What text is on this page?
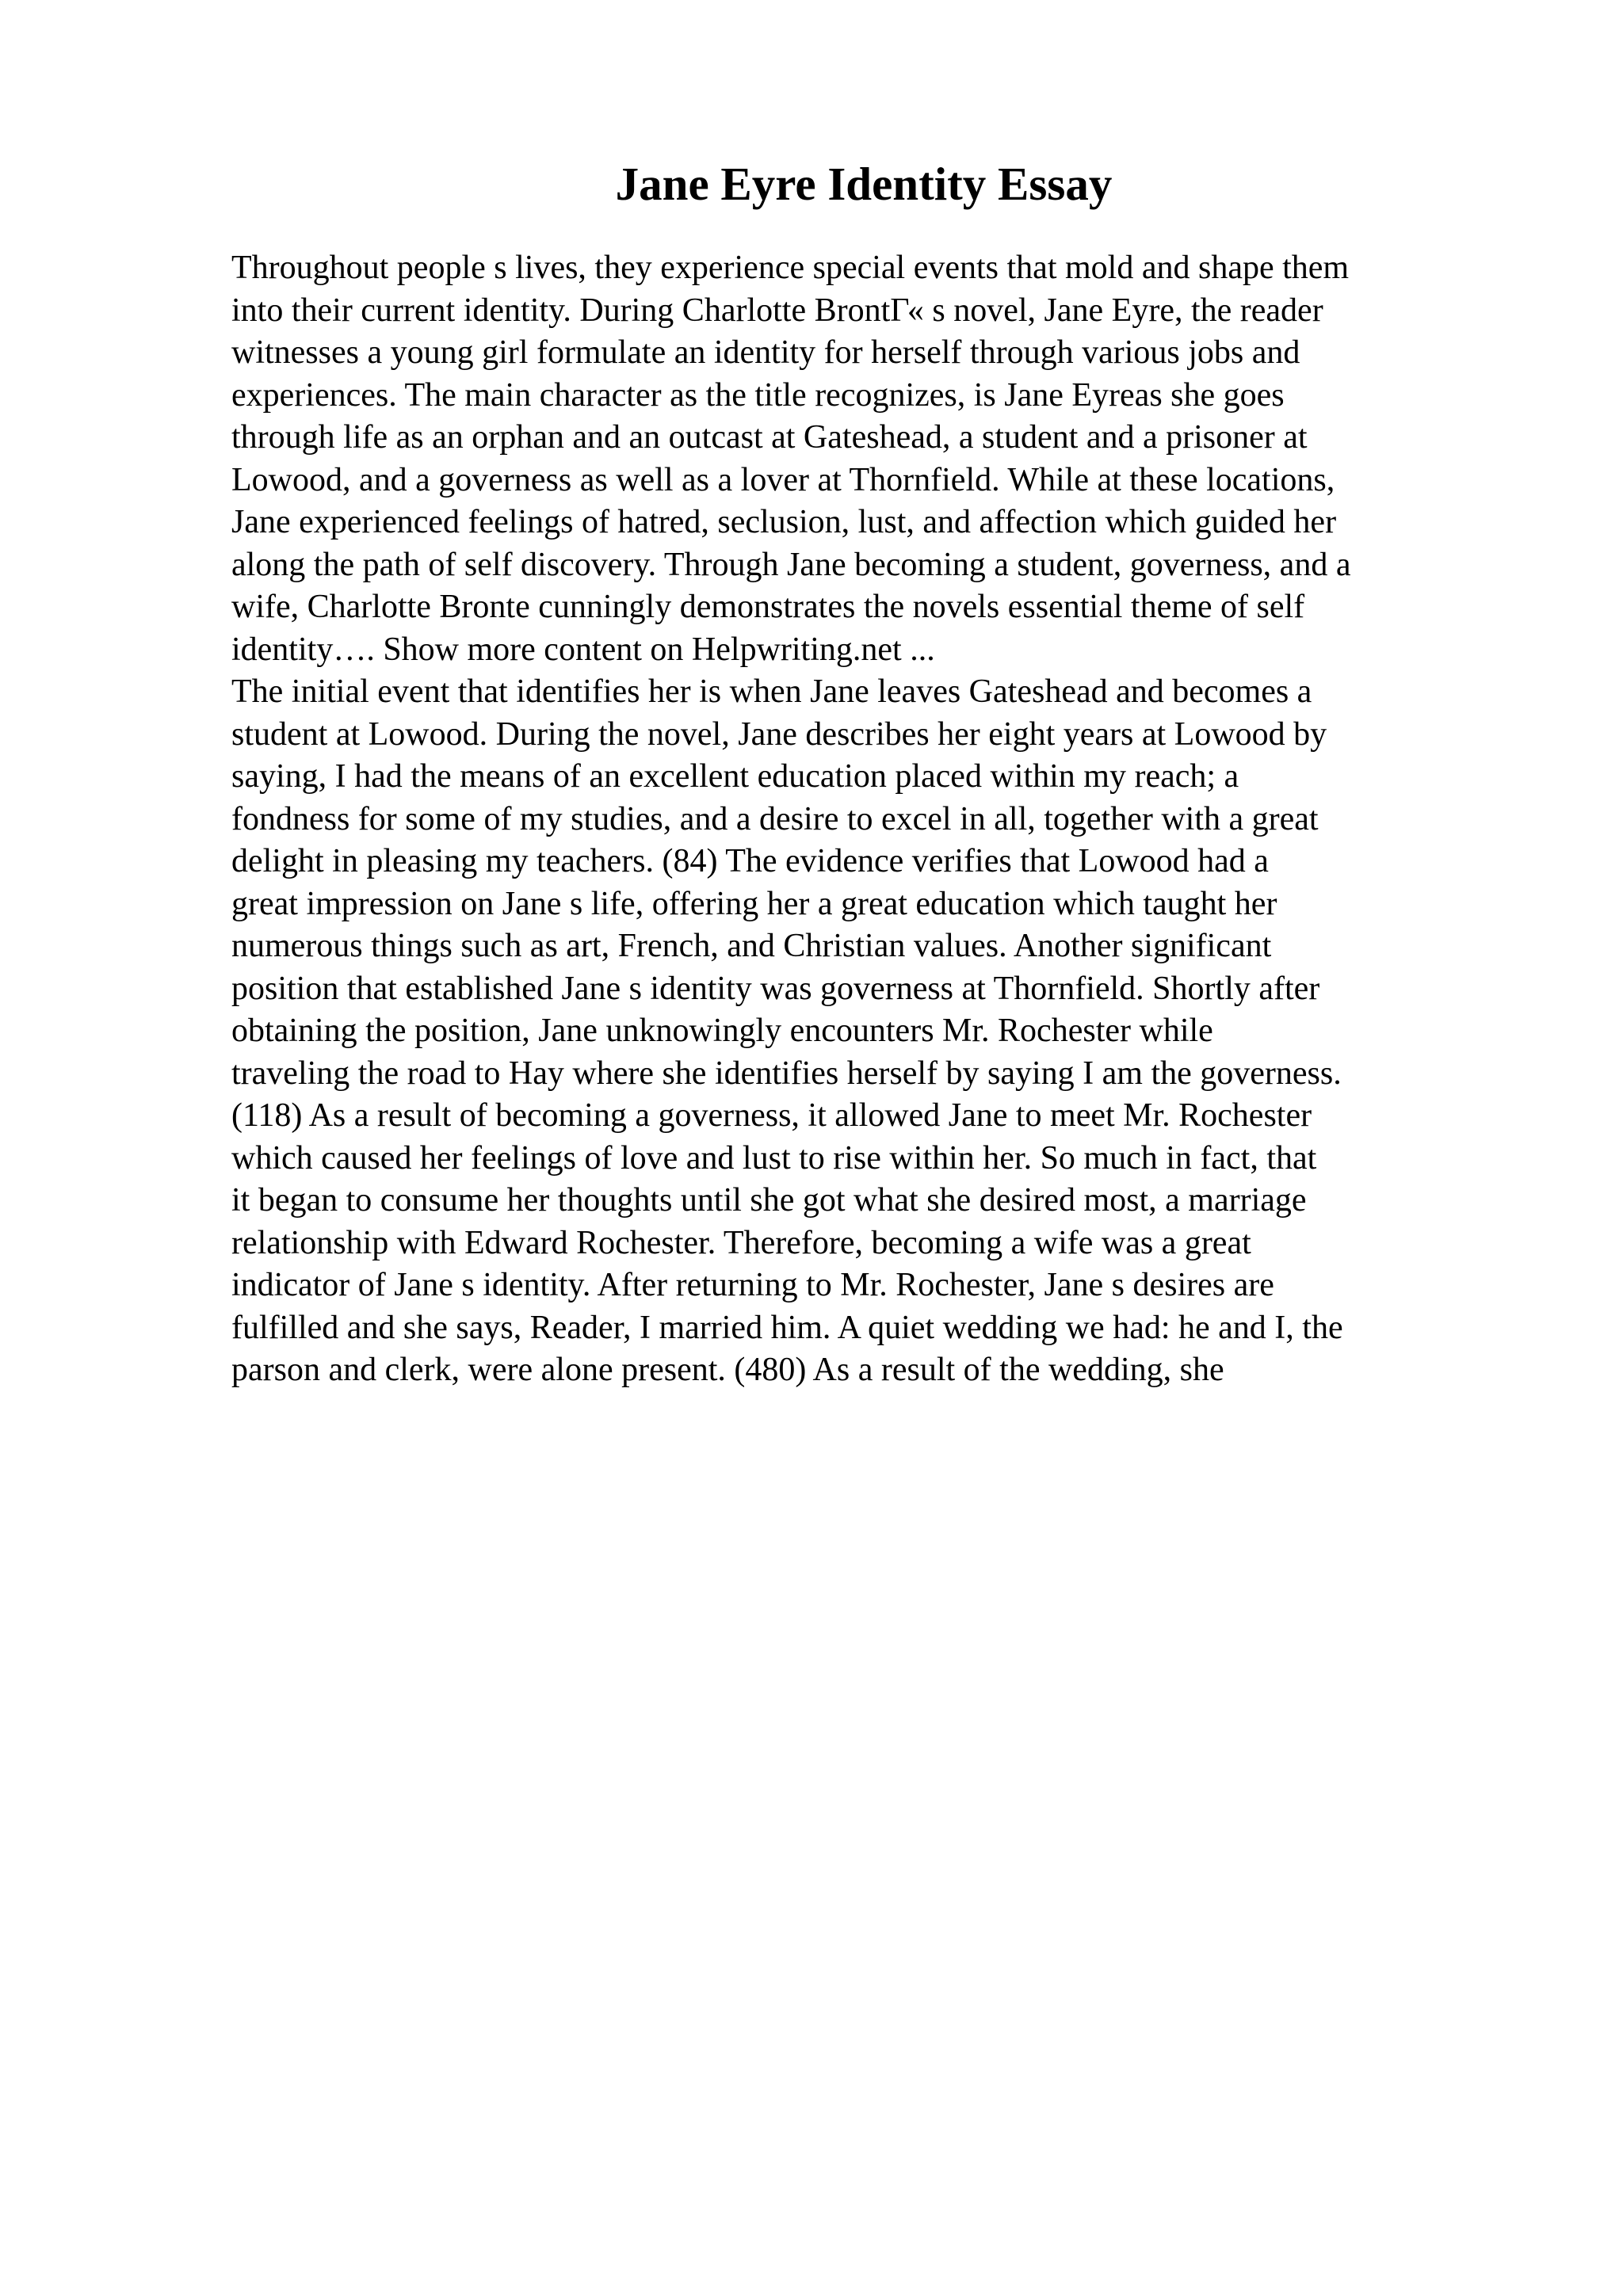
Jane Eyre Identity Essay
Throughout people s lives, they experience special events that mold and shape them
into their current identity. During Charlotte BrontГ« s novel, Jane Eyre, the reader
witnesses a young girl formulate an identity for herself through various jobs and
experiences. The main character as the title recognizes, is Jane Eyreas she goes
through life as an orphan and an outcast at Gateshead, a student and a prisoner at
Lowood, and a governess as well as a lover at Thornfield. While at these locations,
Jane experienced feelings of hatred, seclusion, lust, and affection which guided her
along the path of self discovery. Through Jane becoming a student, governess, and a
wife, Charlotte Bronte cunningly demonstrates the novels essential theme of self
identity…. Show more content on Helpwriting.net ...
The initial event that identifies her is when Jane leaves Gateshead and becomes a
student at Lowood. During the novel, Jane describes her eight years at Lowood by
saying, I had the means of an excellent education placed within my reach; a
fondness for some of my studies, and a desire to excel in all, together with a great
delight in pleasing my teachers. (84) The evidence verifies that Lowood had a
great impression on Jane s life, offering her a great education which taught her
numerous things such as art, French, and Christian values. Another significant
position that established Jane s identity was governess at Thornfield. Shortly after
obtaining the position, Jane unknowingly encounters Mr. Rochester while
traveling the road to Hay where she identifies herself by saying I am the governess.
(118) As a result of becoming a governess, it allowed Jane to meet Mr. Rochester
which caused her feelings of love and lust to rise within her. So much in fact, that
it began to consume her thoughts until she got what she desired most, a marriage
relationship with Edward Rochester. Therefore, becoming a wife was a great
indicator of Jane s identity. After returning to Mr. Rochester, Jane s desires are
fulfilled and she says, Reader, I married him. A quiet wedding we had: he and I, the
parson and clerk, were alone present. (480) As a result of the wedding, she
